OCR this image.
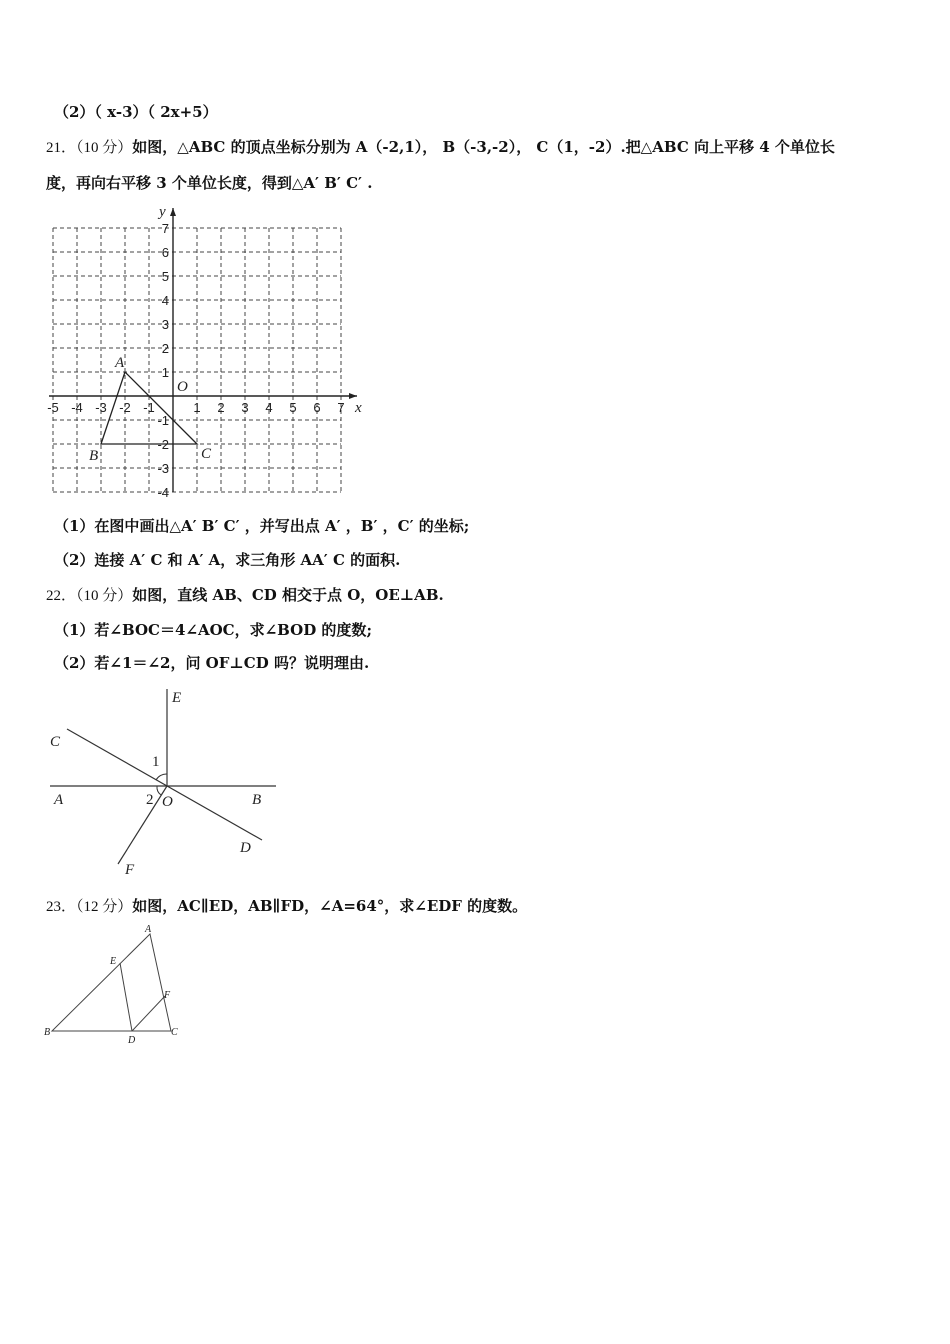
（2）（ x-3）（ 2x+5）
21．（10 分）如图，△ABC 的顶点坐标分别为 A（-2,1）， B（-3,-2）， C（1，-2）.把△ABC 向上平移 4 个单位长
度，再向右平移 3 个单位长度，得到△A′ B′ C′ .
x
y
O
-5 -4 -3 -2 -1	1 2 3 4 5 6 7
7
6
5
4
3
2
1
-1
-2
-3
-4
A
B	C
（1）在图中画出△A′ B′ C′ ，并写出点 A′ ，B′ ，C′ 的坐标;
（2）连接 A′ C 和 A′ A，求三角形 AA′ C 的面积.
22．（10 分）如图，直线 AB、CD 相交于点 O，OE⊥AB.
（1）若∠BOC＝4∠AOC，求∠BOD 的度数;
（2）若∠1＝∠2，问 OF⊥CD 吗？说明理由.
E
C
A	B
D
F
O
1
2
23．（12 分）如图，AC∥ED，AB∥FD，∠A=64°，求∠EDF 的度数。
A
E
F
B
D
C
